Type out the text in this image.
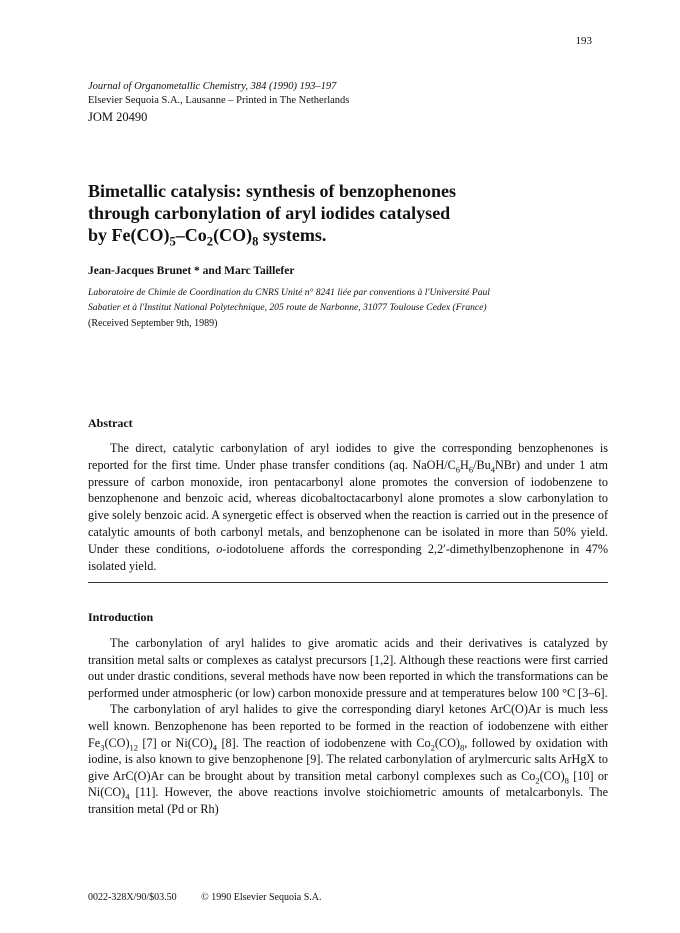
193
Journal of Organometallic Chemistry, 384 (1990) 193–197
Elsevier Sequoia S.A., Lausanne – Printed in The Netherlands
JOM 20490
Bimetallic catalysis: synthesis of benzophenones
through carbonylation of aryl iodides catalysed
by $Fe(CO)_5-Co_2(CO)_8$ systems.
Jean-Jacques Brunet * and Marc Taillefer
Laboratoire de Chimie de Coordination du CNRS Unité n° 8241 liée par conventions à l'Université Paul
Sabatier et à l'Institut National Polytechnique, 205 route de Narbonne, 31077 Toulouse Cedex (France)
(Received September 9th, 1989)
Abstract

The direct, catalytic carbonylation of aryl iodides to give the corresponding benzophenones is reported for the first time. Under phase transfer conditions (aq. NaOH/$C_6H_6/Bu_4NBr$) and under 1 atm pressure of carbon monoxide, iron pentacarbonyl alone promotes the conversion of iodobenzene to benzophenone and benzoic acid, whereas dicobaltoctacarbonyl alone promotes a slow carbonylation to give solely benzoic acid. A synergetic effect is observed when the reaction is carried out in the presence of catalytic amounts of both carbonyl metals, and benzophenone can be isolated in more than 50% yield. Under these conditions, o-iodotoluene affords the corresponding 2,2′-dimethylbenzophenone in 47% isolated yield.

Introduction

The carbonylation of aryl halides to give aromatic acids and their derivatives is catalyzed by transition metal salts or complexes as catalyst precursors [1,2]. Although these reactions were first carried out under drastic conditions, several methods have now been reported in which the transformations can be performed under atmospheric (or low) carbon monoxide pressure and at temperatures below 100 °C [3–6].

The carbonylation of aryl halides to give the corresponding diaryl ketones ArC(O)Ar is much less well known. Benzophenone has been reported to be formed in the reaction of iodobenzene with either $Fe_3(CO)_{12}$ [7] or $Ni(CO)_4$ [8]. The reaction of iodobenzene with $Co_2(CO)_8$, followed by oxidation with iodine, is also known to give benzophenone [9]. The related carbonylation of arylmercuric salts ArHgX to give ArC(O)Ar can be brought about by transition metal carbonyl complexes such as $Co_2(CO)_8$ [10] or $Ni(CO)_4$ [11]. However, the above reactions involve stoichiometric amounts of metalcarbonyls. The transition metal (Pd or Rh)

0022-328X/90/$03.50 © 1990 Elsevier Sequoia S.A.
